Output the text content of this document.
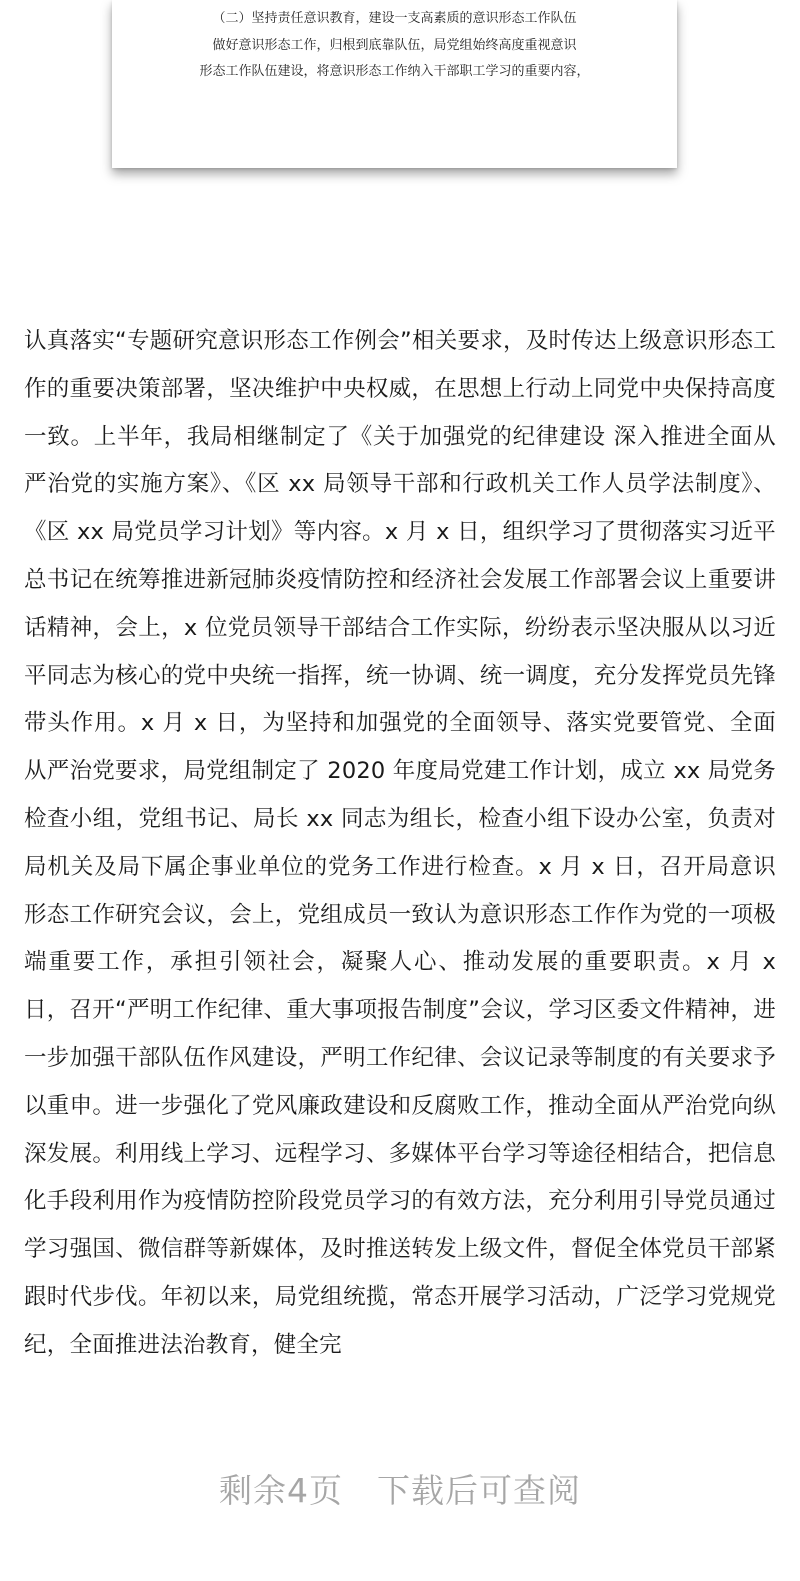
（二）坚持责任意识教育，建设一支高素质的意识形态工作队伍
做好意识形态工作，归根到底靠队伍，局党组始终高度重视意识
形态工作队伍建设，将意识形态工作纳入干部职工学习的重要内容，
认真落实“专题研究意识形态工作例会”相关要求，及时传达上级意识形态工作的重要决策部署，坚决维护中央权威，在思想上行动上同党中央保持高度一致。上半年，我局相继制定了《关于加强党的纪律建设 深入推进全面从严治党的实施方案》、《区 xx 局领导干部和行政机关工作人员学法制度》、《区 xx 局党员学习计划》等内容。x 月 x 日，组织学习了贯彻落实习近平总书记在统筹推进新冠肺炎疫情防控和经济社会发展工作部署会议上重要讲话精神，会上，x 位党员领导干部结合工作实际，纷纷表示坚决服从以习近平同志为核心的党中央统一指挥，统一协调、统一调度，充分发挥党员先锋带头作用。x 月 x 日，为坚持和加强党的全面领导、落实党要管党、全面从严治党要求，局党组制定了 2020 年度局党建工作计划，成立 xx 局党务检查小组，党组书记、局长 xx 同志为组长，检查小组下设办公室，负责对局机关及局下属企事业单位的党务工作进行检查。x 月 x 日，召开局意识形态工作研究会议，会上，党组成员一致认为意识形态工作作为党的一项极端重要工作，承担引领社会，凝聚人心、推动发展的重要职责。x 月 x 日，召开“严明工作纪律、重大事项报告制度”会议，学习区委文件精神，进一步加强干部队伍作风建设，严明工作纪律、会议记录等制度的有关要求予以重申。进一步强化了党风廉政建设和反腐败工作，推动全面从严治党向纵深发展。利用线上学习、远程学习、多媒体平台学习等途径相结合，把信息化手段利用作为疫情防控阶段党员学习的有效方法，充分利用引导党员通过学习强国、微信群等新媒体，及时推送转发上级文件，督促全体党员干部紧跟时代步伐。年初以来，局党组统揽，常态开展学习活动，广泛学习党规党纪，全面推进法治教育，健全完
剩余4页　下载后可查阅
